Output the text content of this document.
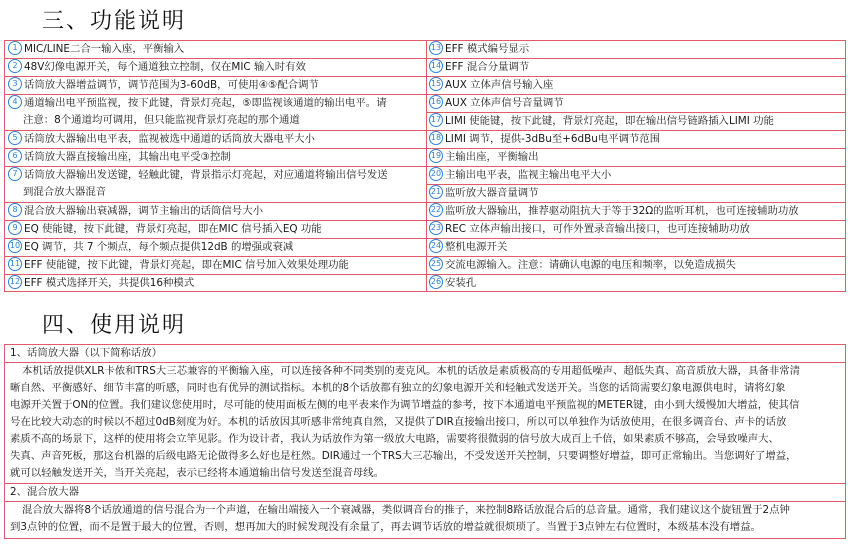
三、功能说明
1 MIC/LINE二合一输入座，平衡输入
2 48V幻像电源开关，每个通道独立控制，仅在MIC 输入时有效
3 话筒放大器增益调节，调节范围为3-60dB，可使用④⑤配合调节
4 通道输出电平预监视，按下此键，背景灯亮起，⑤即监视该通道的输出电平。请
注意：8个通道均可调用，但只能监视背景灯亮起的那个通道
5 话筒放大器输出电平表，监视被选中通道的话筒放大器电平大小
6 话筒放大器直接输出座，其输出电平受③控制
7 话筒放大器输出发送键，轻触此键，背景指示灯亮起，对应通道将输出信号发送
到混合放大器混音
8 混合放大器输出衰减器，调节主输出的话筒信号大小
9 EQ 使能键，按下此键，背景灯亮起，即在MIC 信号插入EQ 功能
10 EQ 调节，共 7 个频点，每个频点提供12dB 的增强或衰减
11 EFF 使能键，按下此键，背景灯亮起，即在MIC 信号加入效果处理功能
12 EFF 模式选择开关，共提供16种模式
13 EFF 模式编号显示
14 EFF 混合分量调节
15 AUX 立体声信号输入座
16 AUX 立体声信号音量调节
17 LIMI 使能键，按下此键，背景灯亮起，即在输出信号链路插入LIMI 功能
18 LIMI 调节，提供-3dBu至+6dBu电平调节范围
19 主输出座，平衡输出
20 主输出电平表，监视主输出电平大小
21 监听放大器音量调节
22 监听放大器输出，推荐驱动阻抗大于等于32Ω的监听耳机，也可连接辅助功放
23 REC 立体声输出接口，可作外置录音输出接口，也可连接辅助功放
24 整机电源开关
25 交流电源输入。注意：请确认电源的电压和频率，以免造成损失
26 安装孔
四、使用说明
1、话筒放大器（以下简称话放）
本机话放提供XLR卡侬和TRS大三芯兼容的平衡输入座，可以连接各种不同类别的麦克风。本机的话放是素质极高的专用超低噪声、超低失真、高音质放大器，具备非常清
晰自然、平衡感好、细节丰富的听感，同时也有优异的测试指标。本机的8个话放都有独立的幻象电源开关和轻触式发送开关。当您的话筒需要幻象电源供电时，请将幻象
电源开关置于ON的位置。我们建议您使用时，尽可能的使用面板左侧的电平表来作为调节增益的参考，按下本通道电平预监视的METER键，由小到大缓慢加大增益，使其信
号在比较大动态的时候以不超过0dB刻度为好。本机的话放因其听感非常纯真自然，又提供了DIR直接输出接口，所以可以单独作为话放使用，在很多调音台、声卡的话放
素质不高的场景下，这样的使用将会立竿见影。作为设计者，我认为话放作为第一级放大电路，需要将很微弱的信号放大成百上千倍，如果素质不够高，会导致噪声大、
失真、声音死板，那这台机器的后级电路无论做得多么好也是枉然。DIR通过一个TRS大三芯输出，不受发送开关控制，只要调整好增益，即可正常输出。当您调好了增益，
就可以轻触发送开关，当开关亮起，表示已经将本通道输出信号发送至混音母线。
2、混合放大器
混合放大器将8个话放通道的信号混合为一个声道，在输出端接入一个衰减器，类似调音台的推子，来控制8路话放混合后的总音量。通常，我们建议这个旋钮置于2点钟
到3点钟的位置，而不是置于最大的位置，否则，想再加大的时候发现没有余量了，再去调节话放的增益就很烦琐了。当置于3点钟左右位置时，本级基本没有增益。
